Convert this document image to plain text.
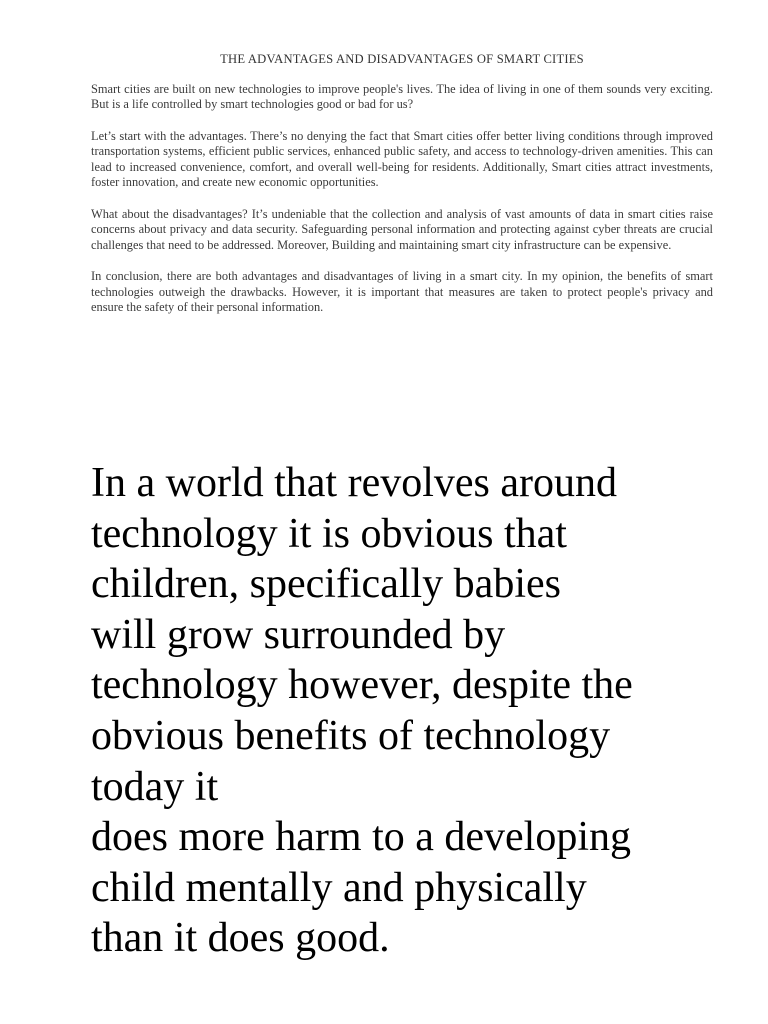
THE ADVANTAGES AND DISADVANTAGES OF SMART CITIES

Smart cities are built on new technologies to improve people's lives. The idea of living in one of them sounds very exciting. But is a life controlled by smart technologies good or bad for us?

Let’s start with the advantages. There’s no denying the fact that Smart cities offer better living conditions through improved transportation systems, efficient public services, enhanced public safety, and access to technology-driven amenities. This can lead to increased convenience, comfort, and overall well-being for residents. Additionally, Smart cities attract investments, foster innovation, and create new economic opportunities.

What about the disadvantages? It’s undeniable that the collection and analysis of vast amounts of data in smart cities raise concerns about privacy and data security. Safeguarding personal information and protecting against cyber threats are crucial challenges that need to be addressed. Moreover, Building and maintaining smart city infrastructure can be expensive.

In conclusion, there are both advantages and disadvantages of living in a smart city. In my opinion, the benefits of smart technologies outweigh the drawbacks. However, it is important that measures are taken to protect people's privacy and ensure the safety of their personal information.

In a world that revolves around
technology it is obvious that
children, specifically babies
will grow surrounded by
technology however, despite the
obvious benefits of technology
today it
does more harm to a developing
child mentally and physically
than it does good.
